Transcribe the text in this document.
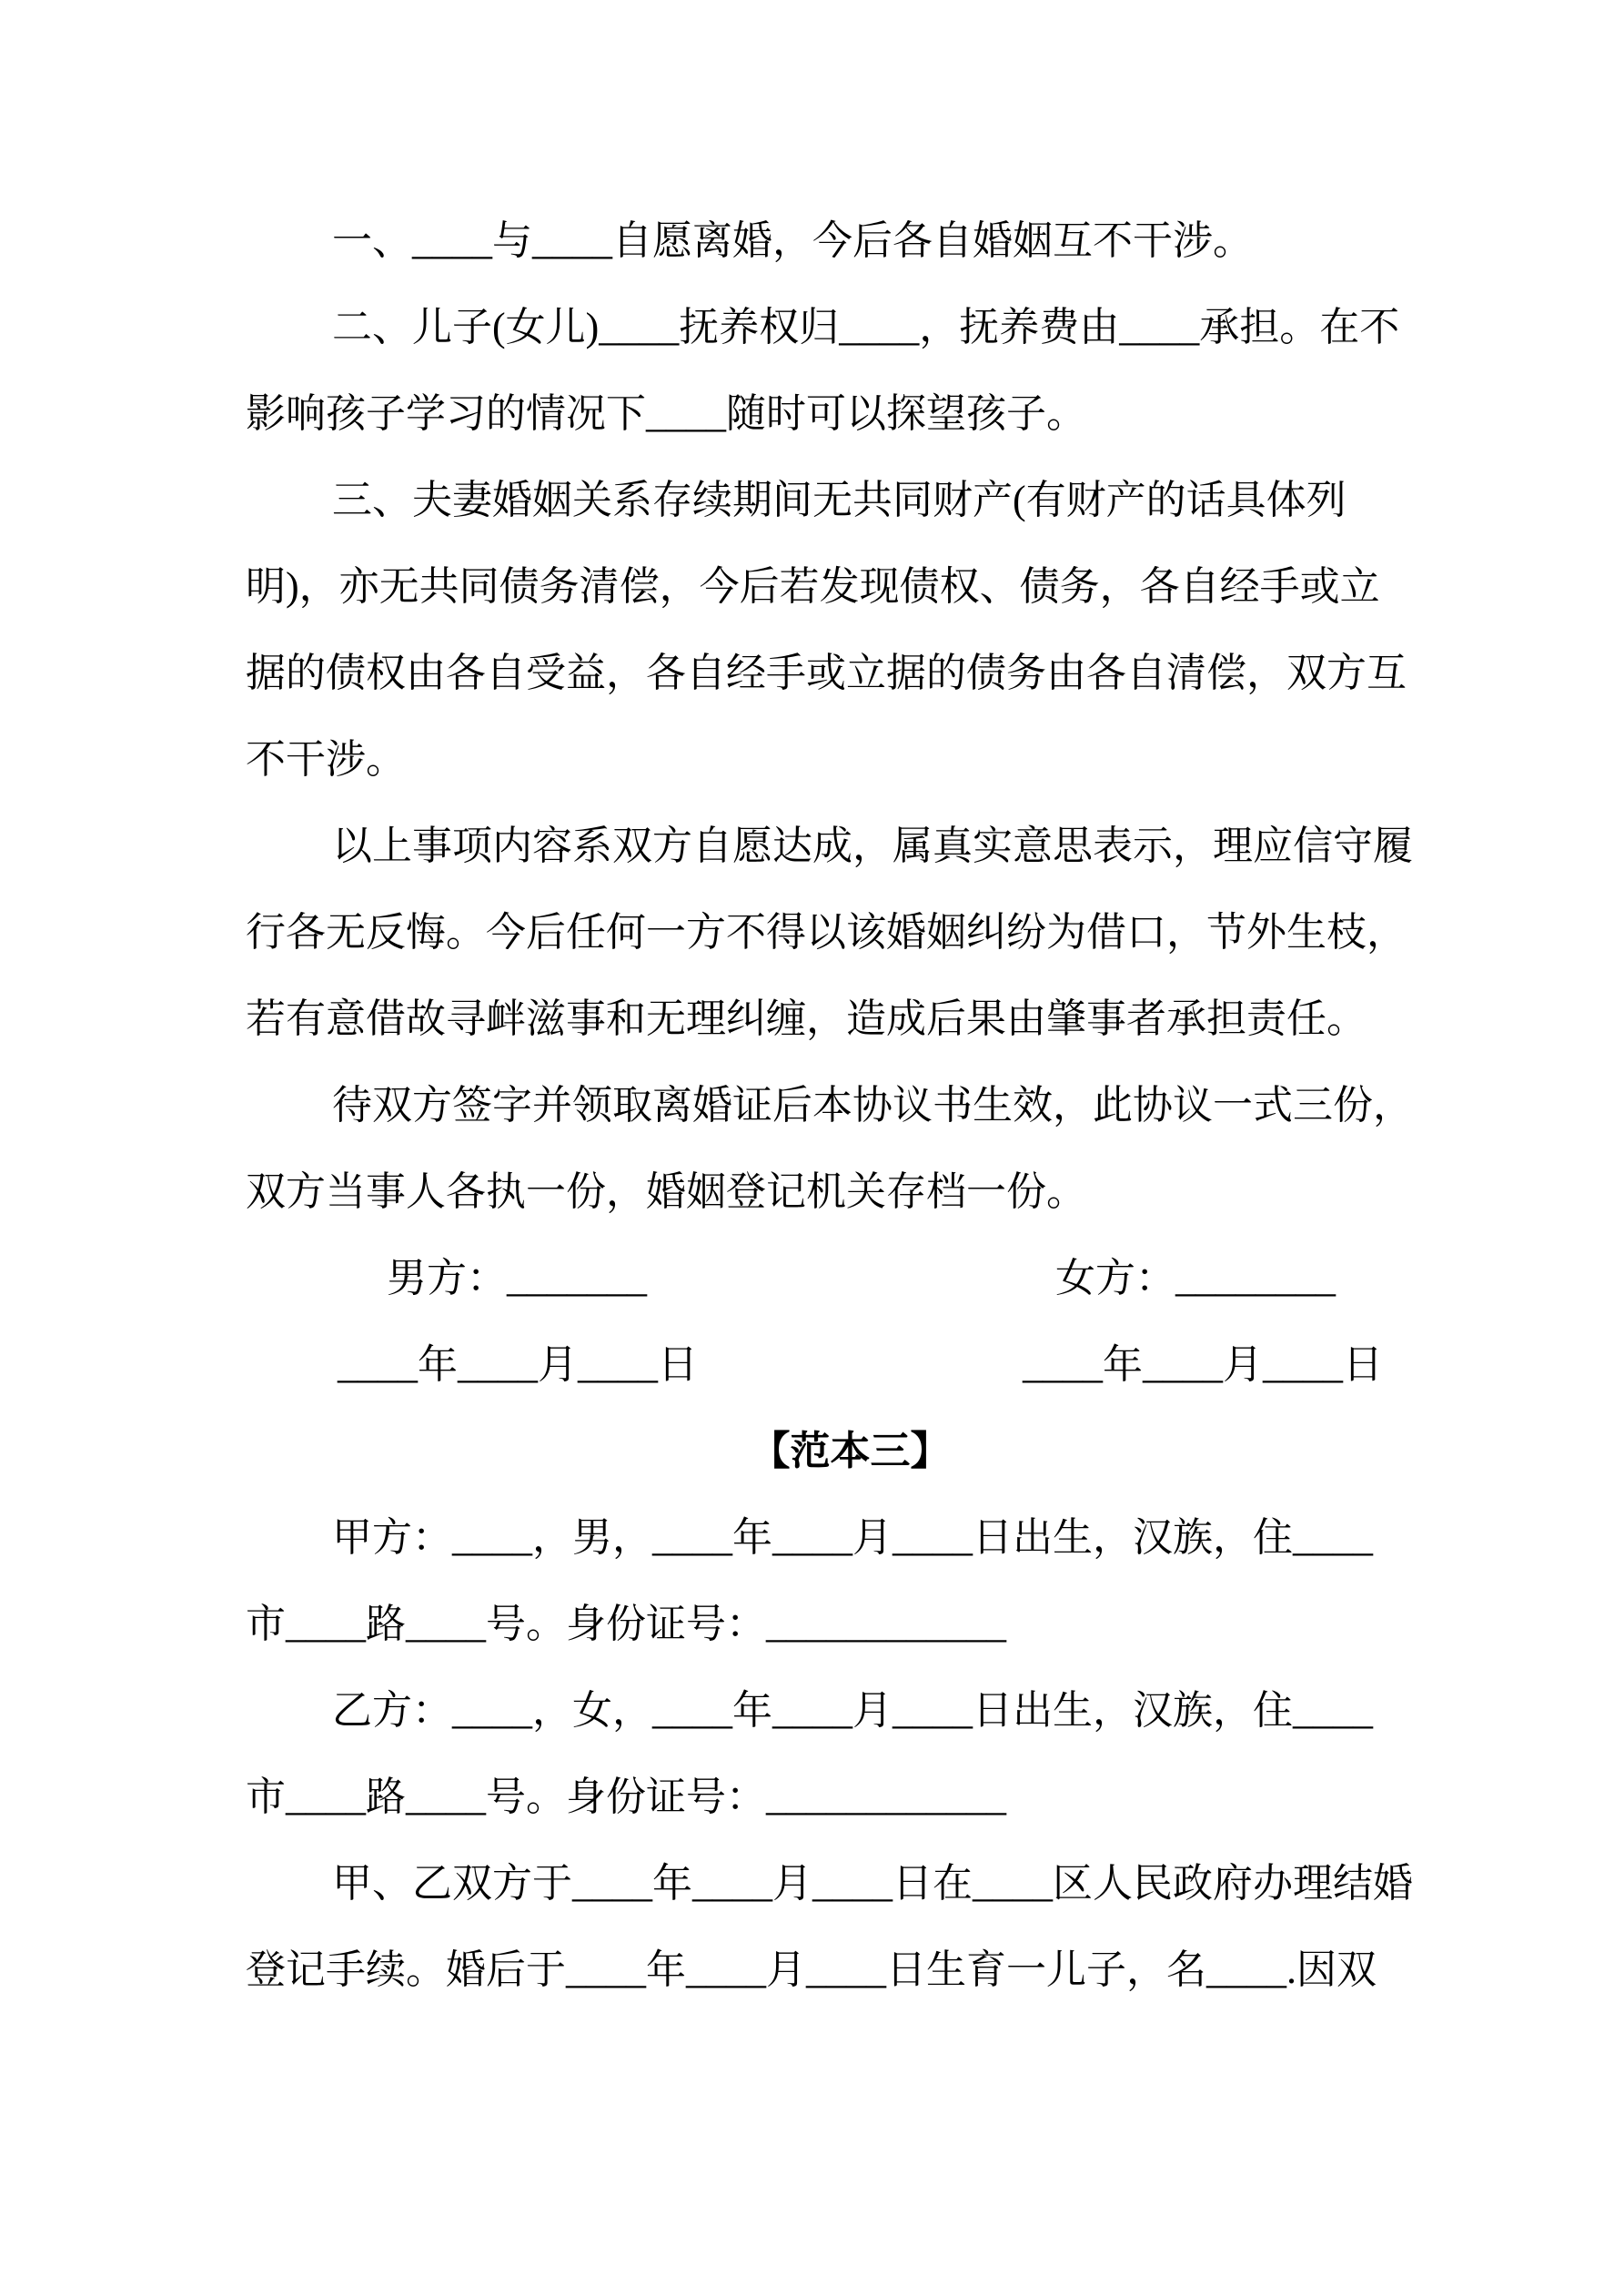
一、____与____自愿离婚，今后各自婚姻互不干涉。
二、儿子(女儿)____抚养权归____，抚养费由____承担。在不
影响孩子学习的情况下____随时可以探望孩子。
三、夫妻婚姻关系存续期间无共同财产(有财产的话具体列
明)，亦无共同债务清偿，今后若发现债权、债务，各自经手或立
据的债权由各自受益，各自经手或立据的债务由各自清偿，双方互
不干涉。
以上事项内容系双方自愿达成，属真实意思表示，理应信守履
行各无反悔。今后任何一方不得以该婚姻纠纷为借口，节外生枝，
若有意借故寻衅滋事和无理纠缠，造成后果由肇事者承担责任。
待双方签字并领取离婚证后本协议书生效，此协议一式三份，
双方当事人各执一份，婚姻登记机关存档一份。
男方：_______	女方：________
____年____月____日	____年____月____日
【范本三】
甲方：____，男，____年____月____日出生，汉族，住____
市____路____号。身份证号：____________
乙方：____，女，____年____月____日出生，汉族，住____
市____路____号。身份证号：____________
甲、乙双方于____年____月____日在____区人民政府办理结婚
登记手续。婚后于____年____月____日生育一儿子，名____.因双
